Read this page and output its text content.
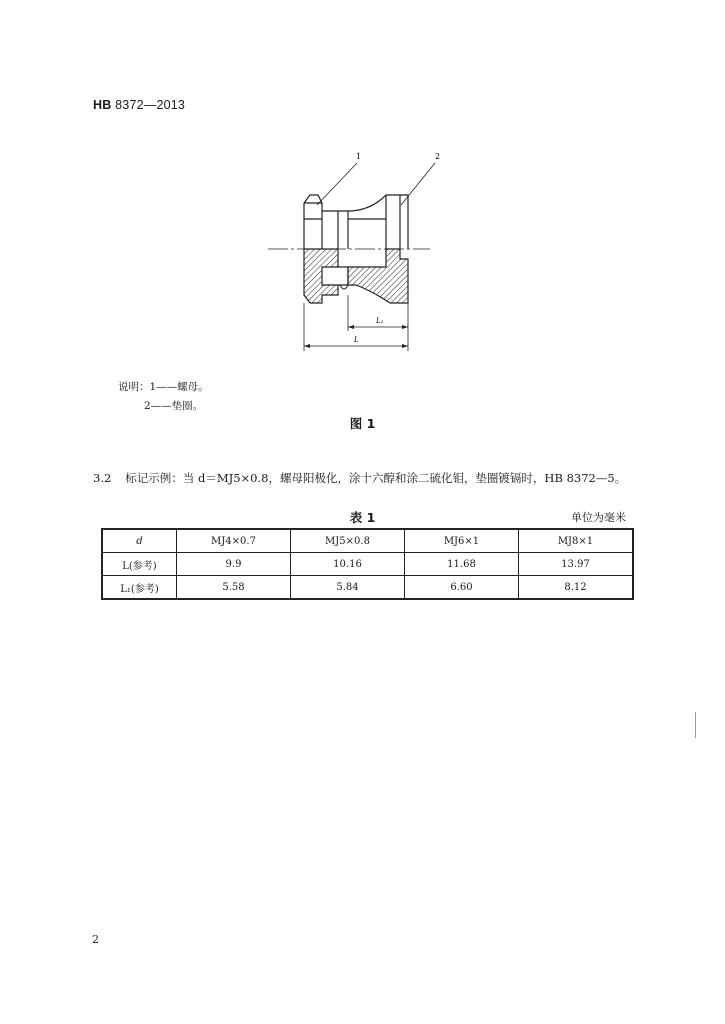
HB 8372—2013
1	2
L₁
L
说明：1——螺母。
2——垫圈。
图 1
3.2 标记示例：当 d＝MJ5×0.8，螺母阳极化，涂十六醇和涂二硫化钼，垫圈镀镉时，HB 8372—5。
表 1	单位为毫米
d	MJ4×0.7	MJ5×0.8	MJ6×1	MJ8×1
L(参考)	9.9	10.16	11.68	13.97
L₁(参考)	5.58	5.84	6.60	8.12
2
